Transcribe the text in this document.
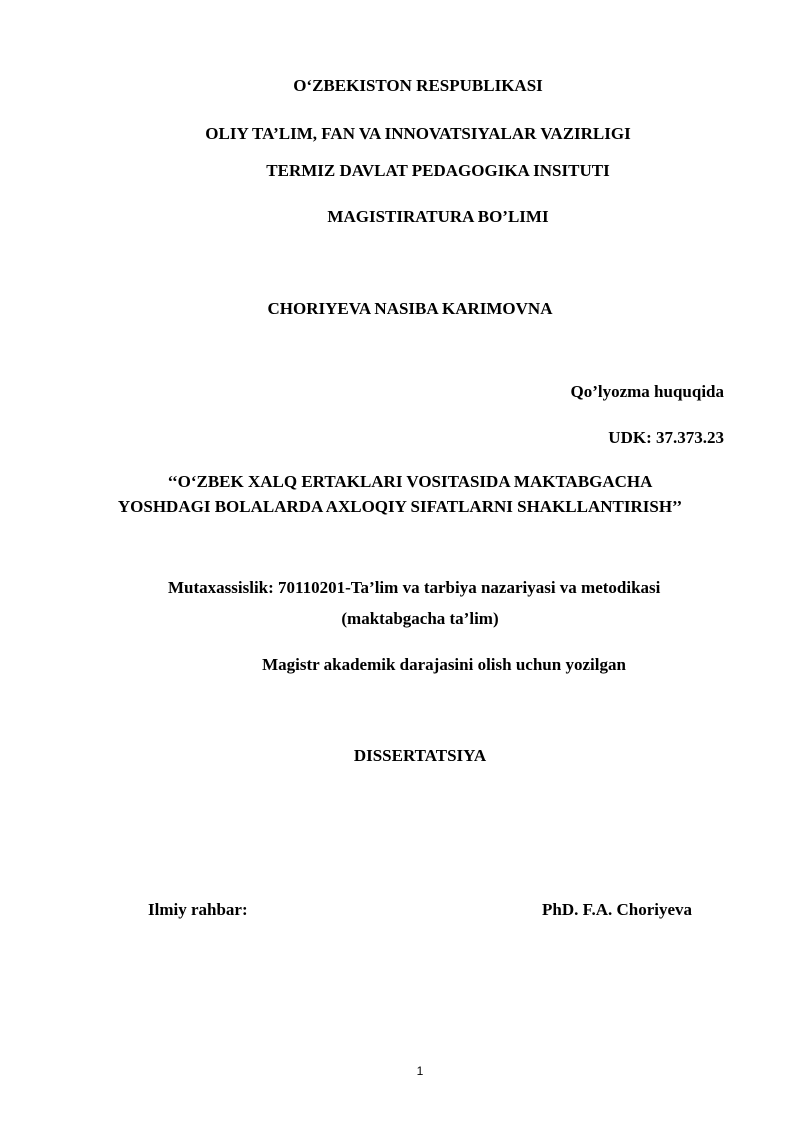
O‘ZBEKISTON RESPUBLIKASI
OLIY TA’LIM, FAN VA INNOVATSIYALAR VAZIRLIGI
TERMIZ DAVLAT PEDAGOGIKA INSITUTI
MAGISTIRATURA BO’LIMI
CHORIYEVA NASIBA KARIMOVNA
Qo’lyozma huquqida
UDK: 37.373.23
‘‘O‘ZBEK XALQ ERTAKLARI VOSITASIDA MAKTABGACHA
YOSHDAGI BOLALARDA AXLOQIY SIFATLARNI SHAKLLANTIRISH’’
Mutaxassislik: 70110201-Ta’lim va tarbiya nazariyasi va metodikasi
(maktabgacha ta’lim)
Magistr akademik darajasini olish uchun yozilgan
DISSERTATSIYA
Ilmiy rahbar:	PhD. F.A. Choriyeva
1
